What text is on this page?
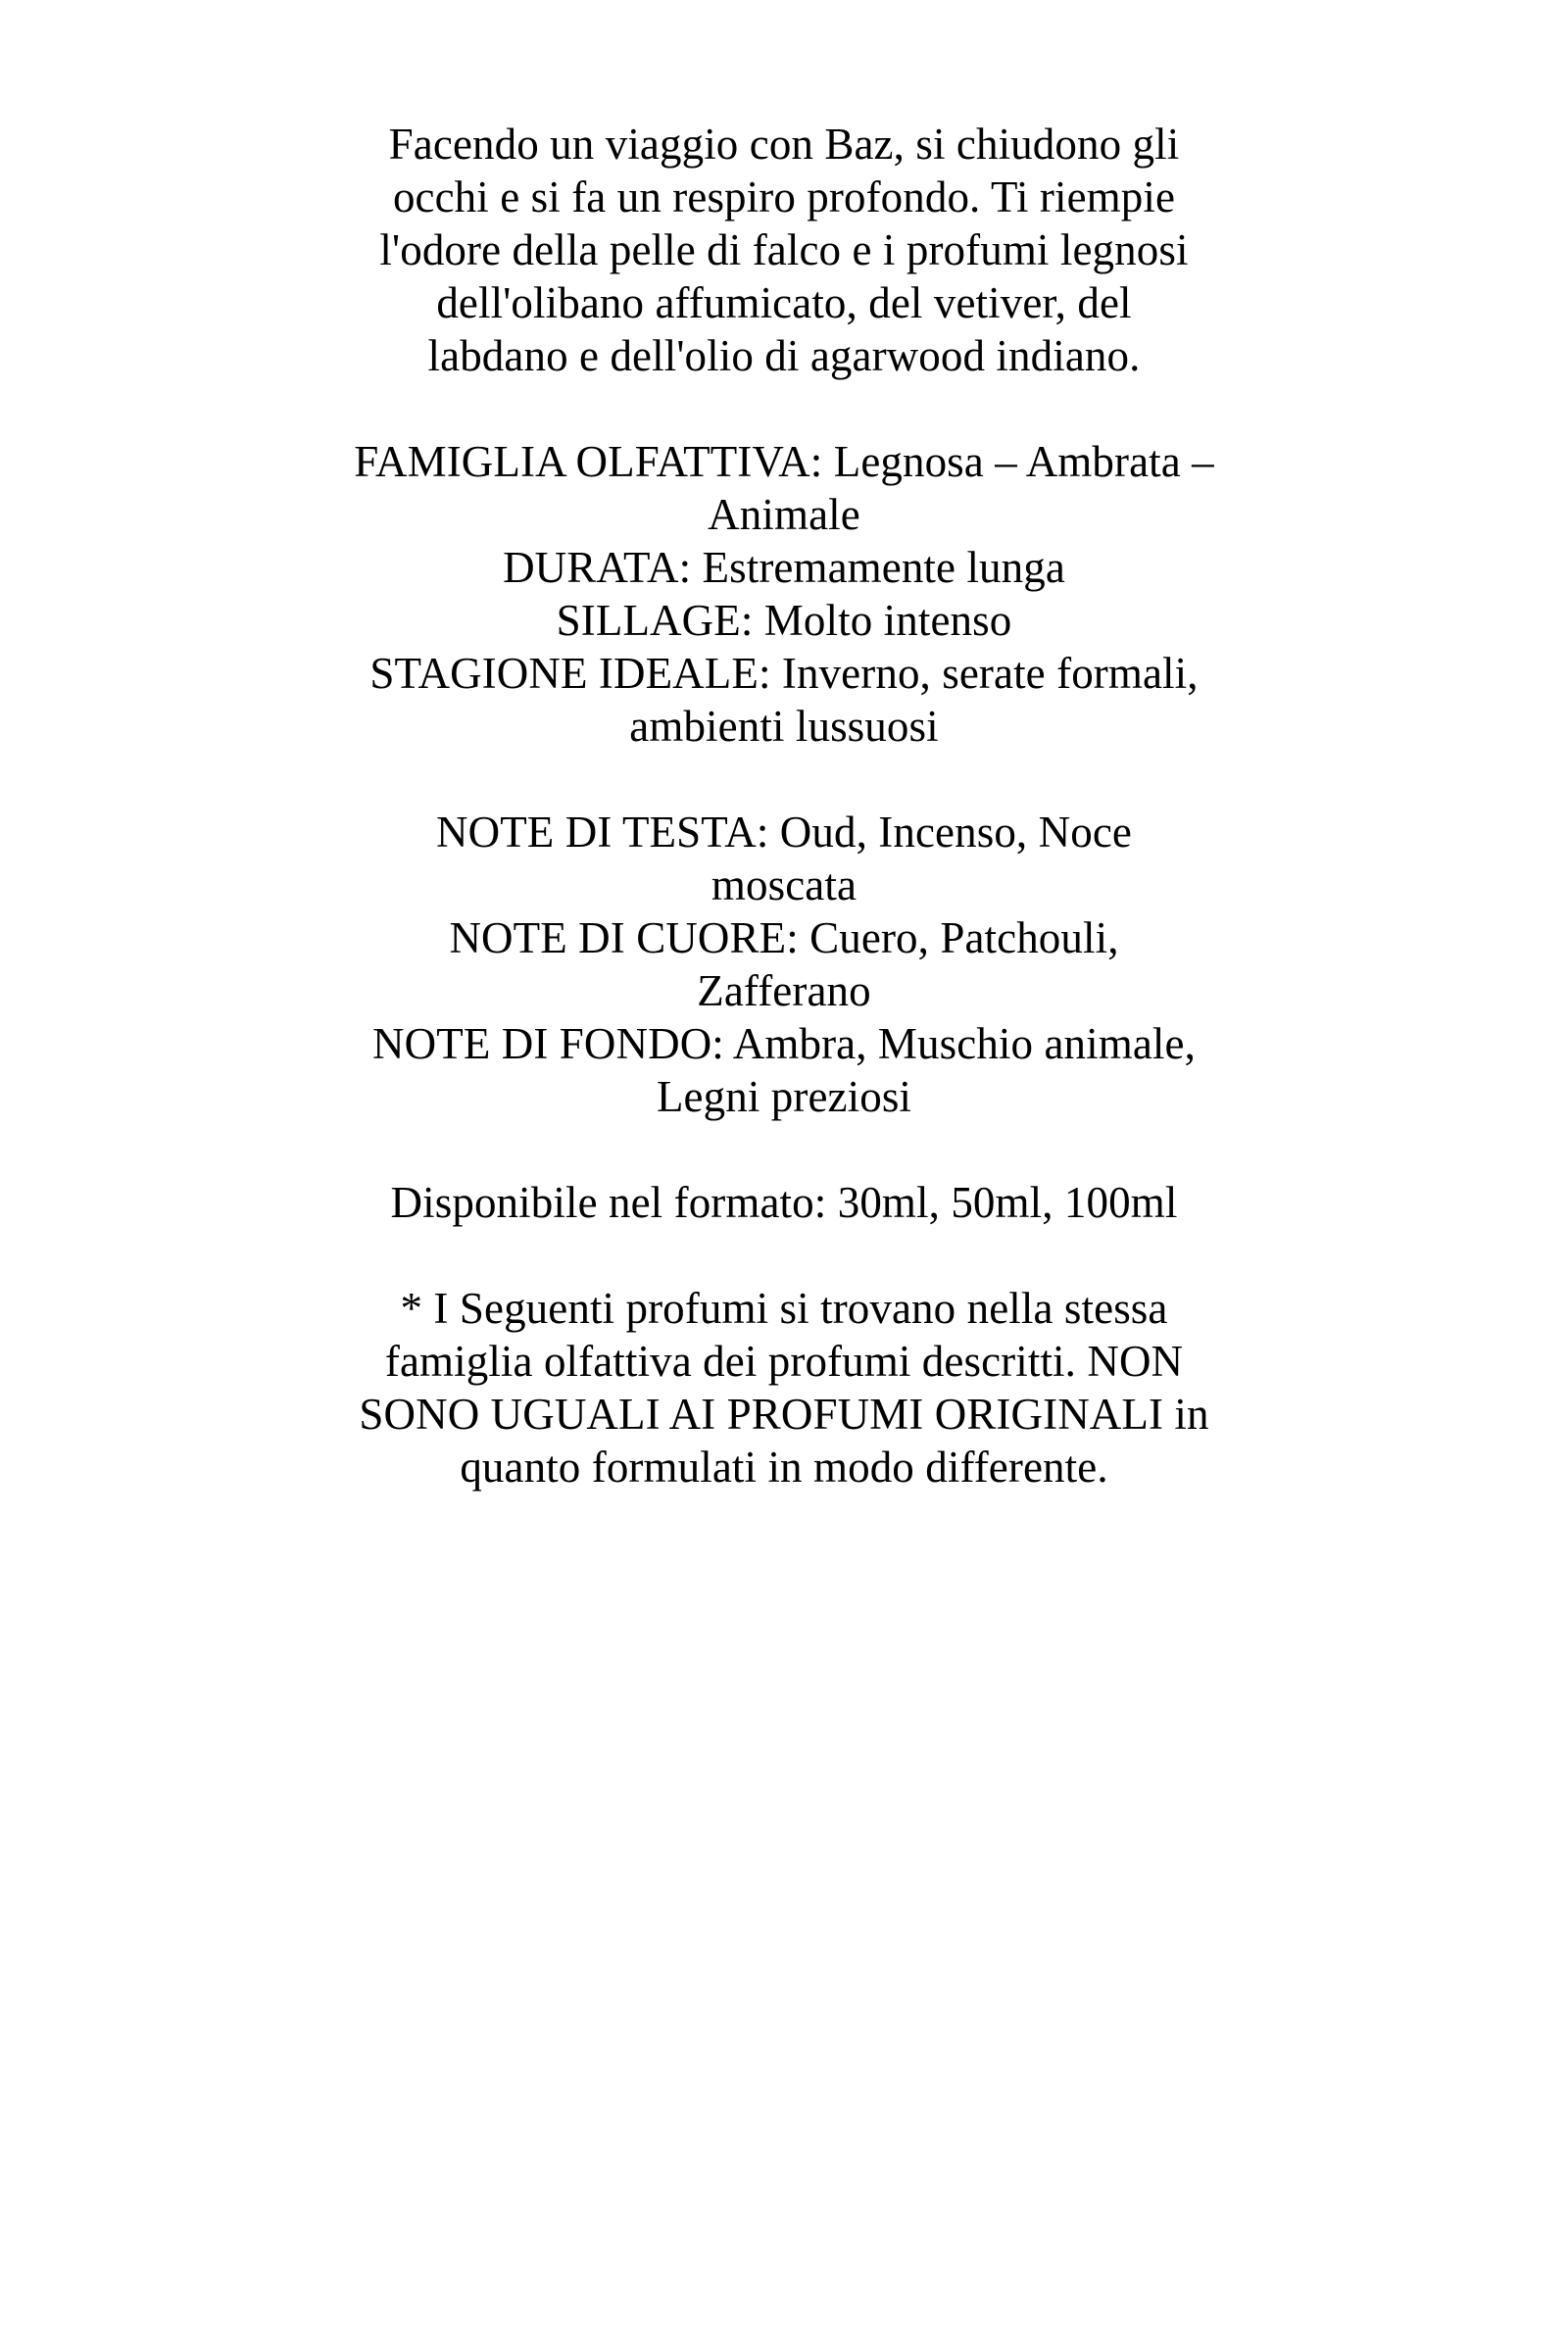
Facendo un viaggio con Baz, si chiudono gli
occhi e si fa un respiro profondo. Ti riempie
l'odore della pelle di falco e i profumi legnosi
dell'olibano affumicato, del vetiver, del
labdano e dell'olio di agarwood indiano.
FAMIGLIA OLFATTIVA: Legnosa – Ambrata –
Animale
DURATA: Estremamente lunga
SILLAGE: Molto intenso
STAGIONE IDEALE: Inverno, serate formali,
ambienti lussuosi
NOTE DI TESTA: Oud, Incenso, Noce
moscata
NOTE DI CUORE: Cuero, Patchouli,
Zafferano
NOTE DI FONDO: Ambra, Muschio animale,
Legni preziosi
Disponibile nel formato: 30ml, 50ml, 100ml
* I Seguenti profumi si trovano nella stessa
famiglia olfattiva dei profumi descritti. NON
SONO UGUALI AI PROFUMI ORIGINALI in
quanto formulati in modo differente.
